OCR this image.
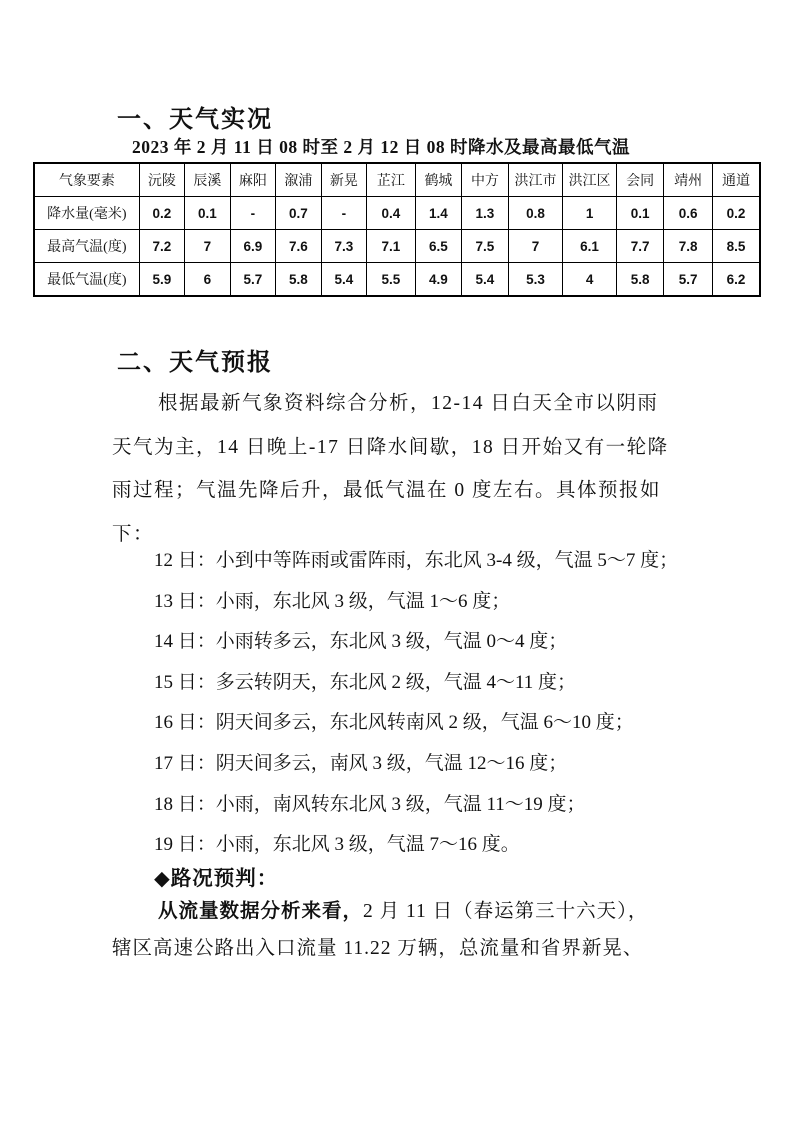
一、天气实况
2023 年 2 月 11 日 08 时至 2 月 12 日 08 时降水及最高最低气温
气象要素	沅陵	辰溪	麻阳	溆浦	新晃	芷江	鹤城	中方	洪江市	洪江区	会同	靖州	通道
降水量(毫米)	0.2	0.1	-	0.7	-	0.4	1.4	1.3	0.8	1	0.1	0.6	0.2
最高气温(度)	7.2	7	6.9	7.6	7.3	7.1	6.5	7.5	7	6.1	7.7	7.8	8.5
最低气温(度)	5.9	6	5.7	5.8	5.4	5.5	4.9	5.4	5.3	4	5.8	5.7	6.2
二、天气预报
根据最新气象资料综合分析，12-14 日白天全市以阴雨
天气为主，14 日晚上-17 日降水间歇，18 日开始又有一轮降
雨过程；气温先降后升，最低气温在 0 度左右。具体预报如
下：
12 日：小到中等阵雨或雷阵雨，东北风 3-4 级，气温 5～7 度；
13 日：小雨，东北风 3 级，气温 1～6 度；
14 日：小雨转多云，东北风 3 级，气温 0～4 度；
15 日：多云转阴天，东北风 2 级，气温 4～11 度；
16 日：阴天间多云，东北风转南风 2 级，气温 6～10 度；
17 日：阴天间多云，南风 3 级，气温 12～16 度；
18 日：小雨，南风转东北风 3 级，气温 11～19 度；
19 日：小雨，东北风 3 级，气温 7～16 度。
◆路况预判：
从流量数据分析来看，2 月 11 日（春运第三十六天），
辖区高速公路出入口流量 11.22 万辆，总流量和省界新晃、
